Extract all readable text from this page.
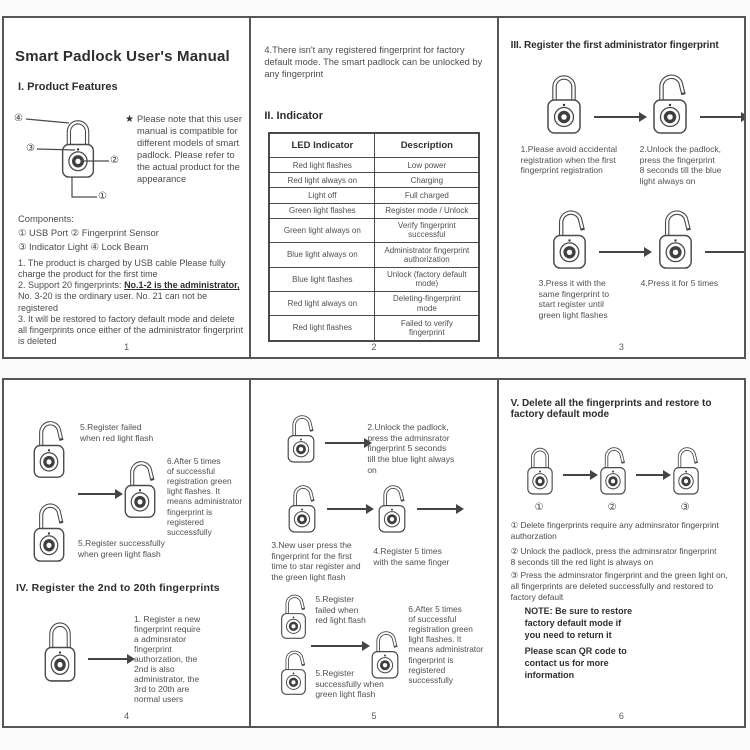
Smart Padlock User's Manual
I. Product Features
④
③
②
①
★ Please note that this user manual is compatible for different models of smart padlock. Please refer to the actual product for the appearance
Components:
① USB Port ② Fingerprint Sensor
③ Indicator Light ④ Lock Beam
1. The product is charged by USB cable Please fully charge the product for the first time
2. Support 20 fingerprints: No.1-2 is the administrator, No. 3-20 is the ordinary user. No. 21 can not be registered
3. It will be restored to factory default mode and delete all fingerprints once either of the administrator fingerprint is deleted
1
4.There isn't any registered fingerprint for factory default mode. The smart padlock can be unlocked by any fingerprint
II. Indicator
LED Indicator	Description
Red light flashes	Low power
Red light always on	Charging
Light off	Full charged
Green light flashes	Register mode / Unlock
Green light always on	Verify fingerprint
successful
Blue light always on	Administrator fingerprint
authorization
Blue light flashes	Unlock (factory default
mode)
Red light always on	Deleting-fingerprint
mode
Red light flashes	Failed to verify
fingerprint
2
III. Register the first administrator fingerprint
1.Please avoid accidental
registration when the first
fingerprint registration
2.Unlock the padlock,
press the fingerprint
8 seconds till the blue
light always on
3.Press it with the
same fingerprint to
start register until
green light flashes
4.Press it for 5 times
3
5.Register failed
when red light flash
6.After 5 times
of successful
registration green
light flashes. It
means administrator
fingerprint is
registered
successfully
5.Register successfully
when green light flash
IV. Register the 2nd to 20th fingerprints
1. Register a new
fingerprint require
a adminsrator
fingerprint
authorzation, the
2nd is also
administrator, the
3rd to 20th are
normal users
4
2.Unlock the padlock,
press the adminsrator
fingerprint 5 seconds
till the blue light always
on
3.New user press the
fingerprint for the first
time to star register and
the green light flash
4.Register 5 times
with the same finger
5.Register
failed when
red light flash
5.Register
successfully when
green light flash
6.After 5 times
of successful
registration green
light flashes. It
means administrator
fingerprint is
registered
successfully
5
V. Delete all the fingerprints and restore to
factory default mode
①	②	③
① Delete fingerprints require any adminsrator fingerprint
authorzation
② Unlock the padlock, press the adminsrator fingerprint
8 seconds till the red light is always on
③ Press the adminsrator fingerprint and the green light on,
all fingerprints are deleted successfully and restored to
factory default
NOTE: Be sure to restore
factory default mode if
you need to return it
Please scan QR code to
contact us for more
information
6
